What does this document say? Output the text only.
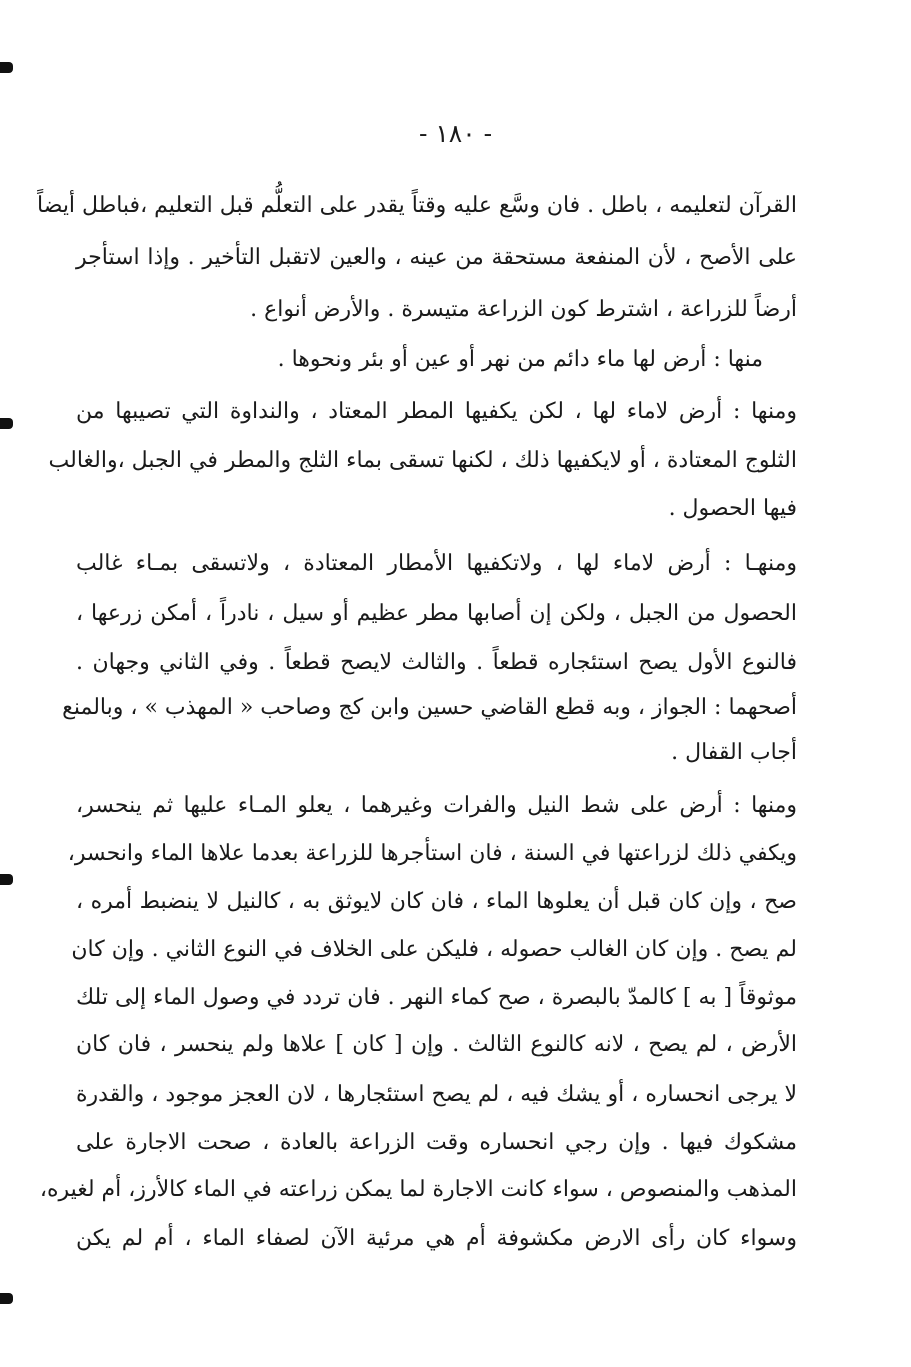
- ١٨٠ -
القرآن لتعليمه ، باطل . فان وسَّع عليه وقتاً يقدر على التعلُّم قبل التعليم ،فباطل أيضاً
على الأصح ، لأن المنفعة مستحقة من عينه ، والعين لاتقبل التأخير . وإذا استأجر
أرضاً للزراعة ، اشترط كون الزراعة متيسرة . والأرض أنواع .
منها : أرض لها ماء دائم من نهر أو عين أو بئر ونحوها .
ومنها : أرض لاماء لها ، لكن يكفيها المطر المعتاد ، والنداوة التي تصيبها من
الثلوج المعتادة ، أو لايكفيها ذلك ، لكنها تسقى بماء الثلج والمطر في الجبل ،والغالب
فيها الحصول .
ومنهـا : أرض لاماء لها ، ولاتكفيها الأمطار المعتادة ، ولاتسقى بمـاء غالب
الحصول من الجبل ، ولكن إن أصابها مطر عظيم أو سيل ، نادراً ، أمكن زرعها ،
فالنوع الأول يصح استئجاره قطعاً . والثالث لايصح قطعاً . وفي الثاني وجهان .
أصحهما : الجواز ، وبه قطع القاضي حسين وابن كج وصاحب « المهذب » ، وبالمنع
أجاب القفال .
ومنها : أرض على شط النيل والفرات وغيرهما ، يعلو المـاء عليها ثم ينحسر،
ويكفي ذلك لزراعتها في السنة ، فان استأجرها للزراعة بعدما علاها الماء وانحسر،
صح ، وإن كان قبل أن يعلوها الماء ، فان كان لايوثق به ، كالنيل لا ينضبط أمره ،
لم يصح . وإن كان الغالب حصوله ، فليكن على الخلاف في النوع الثاني . وإن كان
موثوقاً [ به ] كالمدّ بالبصرة ، صح كماء النهر . فان تردد في وصول الماء إلى تلك
الأرض ، لم يصح ، لانه كالنوع الثالث . وإن [ كان ] علاها ولم ينحسر ، فان كان
لا يرجى انحساره ، أو يشك فيه ، لم يصح استئجارها ، لان العجز موجود ، والقدرة
مشكوك فيها . وإن رجي انحساره وقت الزراعة بالعادة ، صحت الاجارة على
المذهب والمنصوص ، سواء كانت الاجارة لما يمكن زراعته في الماء كالأرز، أم لغيره،
وسواء كان رأى الارض مكشوفة أم هي مرئية الآن لصفاء الماء ، أم لم يكن
